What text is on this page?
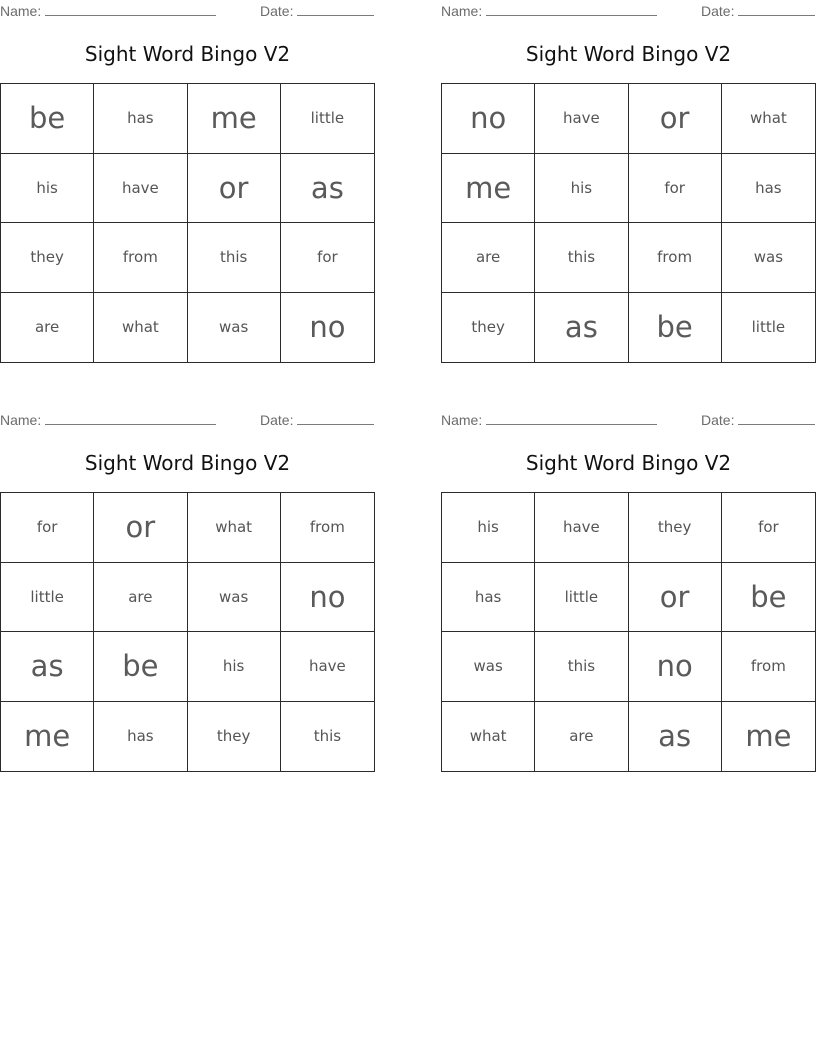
Name:	Date:
Sight Word Bingo V2
be	has	me	little
his	have	or	as
they	from	this	for
are	what	was	no
Name:	Date:
Sight Word Bingo V2
no	have	or	what
me	his	for	has
are	this	from	was
they	as	be	little
Name:	Date:
Sight Word Bingo V2
for	or	what	from
little	are	was	no
as	be	his	have
me	has	they	this
Name:	Date:
Sight Word Bingo V2
his	have	they	for
has	little	or	be
was	this	no	from
what	are	as	me
